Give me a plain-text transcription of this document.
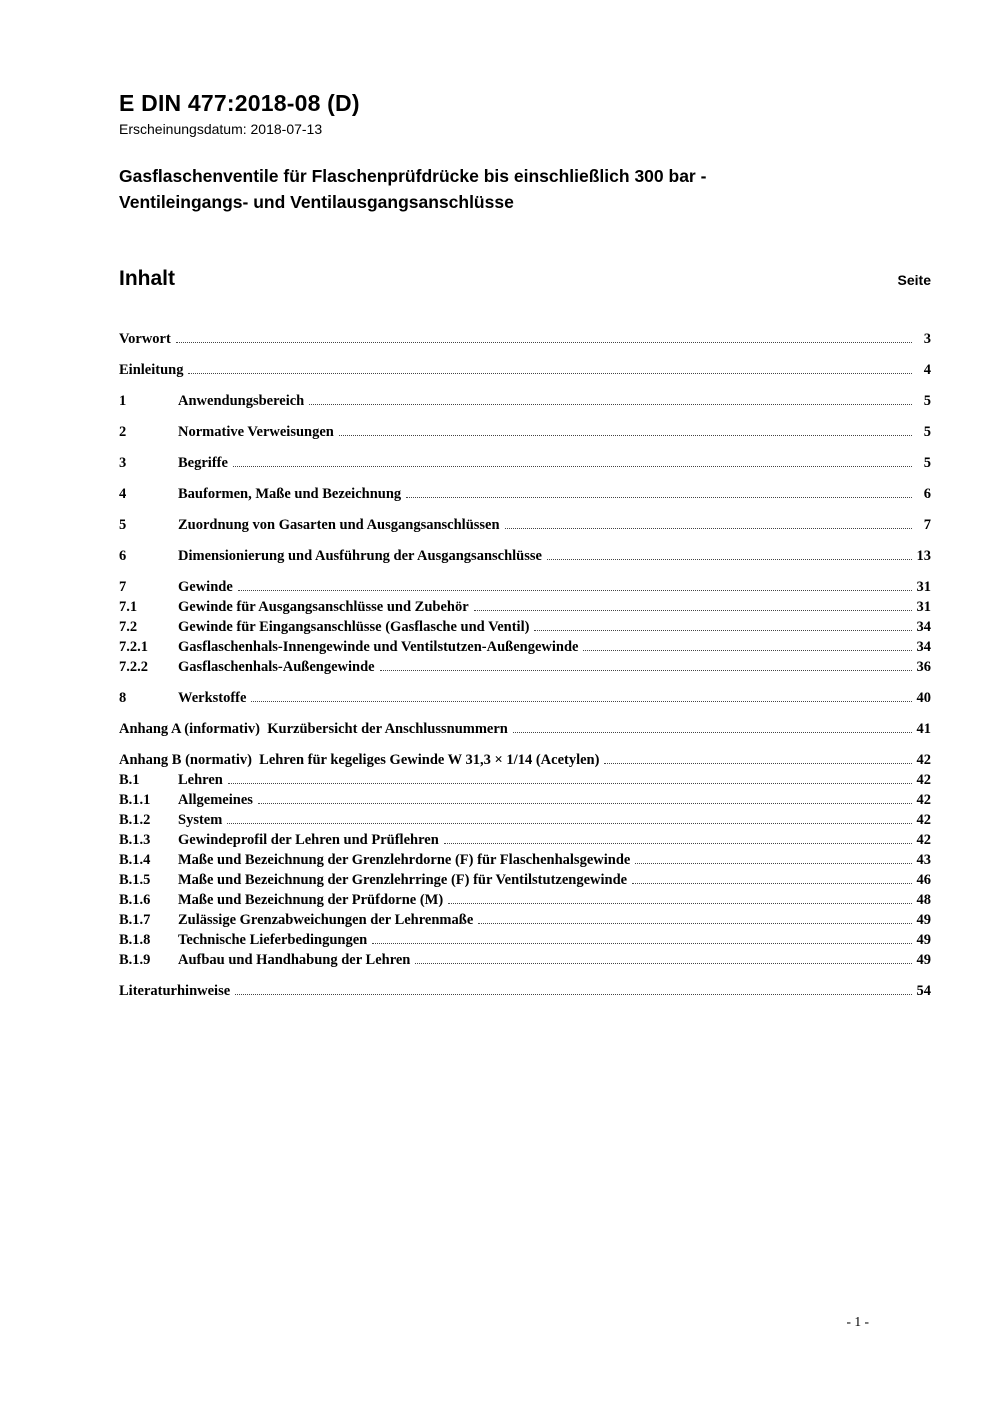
E DIN 477:2018-08 (D)
Erscheinungsdatum: 2018-07-13
Gasflaschenventile für Flaschenprüfdrücke bis einschließlich 300 bar -
Ventileingangs- und Ventilausgangsanschlüsse
Inhalt	Seite
Vorwort	3
Einleitung	4
1	Anwendungsbereich	5
2	Normative Verweisungen	5
3	Begriffe	5
4	Bauformen, Maße und Bezeichnung	6
5	Zuordnung von Gasarten und Ausgangsanschlüssen	7
6	Dimensionierung und Ausführung der Ausgangsanschlüsse	13
7	Gewinde	31
7.1	Gewinde für Ausgangsanschlüsse und Zubehör	31
7.2	Gewinde für Eingangsanschlüsse (Gasflasche und Ventil)	34
7.2.1	Gasflaschenhals-Innengewinde und Ventilstutzen-Außengewinde	34
7.2.2	Gasflaschenhals-Außengewinde	36
8	Werkstoffe	40
Anhang A (informativ)  Kurzübersicht der Anschlussnummern	41
Anhang B (normativ)  Lehren für kegeliges Gewinde W 31,3 × 1/14 (Acetylen)	42
B.1	Lehren	42
B.1.1	Allgemeines	42
B.1.2	System	42
B.1.3	Gewindeprofil der Lehren und Prüflehren	42
B.1.4	Maße und Bezeichnung der Grenzlehrdorne (F) für Flaschenhalsgewinde	43
B.1.5	Maße und Bezeichnung der Grenzlehrringe (F) für Ventilstutzengewinde	46
B.1.6	Maße und Bezeichnung der Prüfdorne (M)	48
B.1.7	Zulässige Grenzabweichungen der Lehrenmaße	49
B.1.8	Technische Lieferbedingungen	49
B.1.9	Aufbau und Handhabung der Lehren	49
Literaturhinweise	54
- 1 -
